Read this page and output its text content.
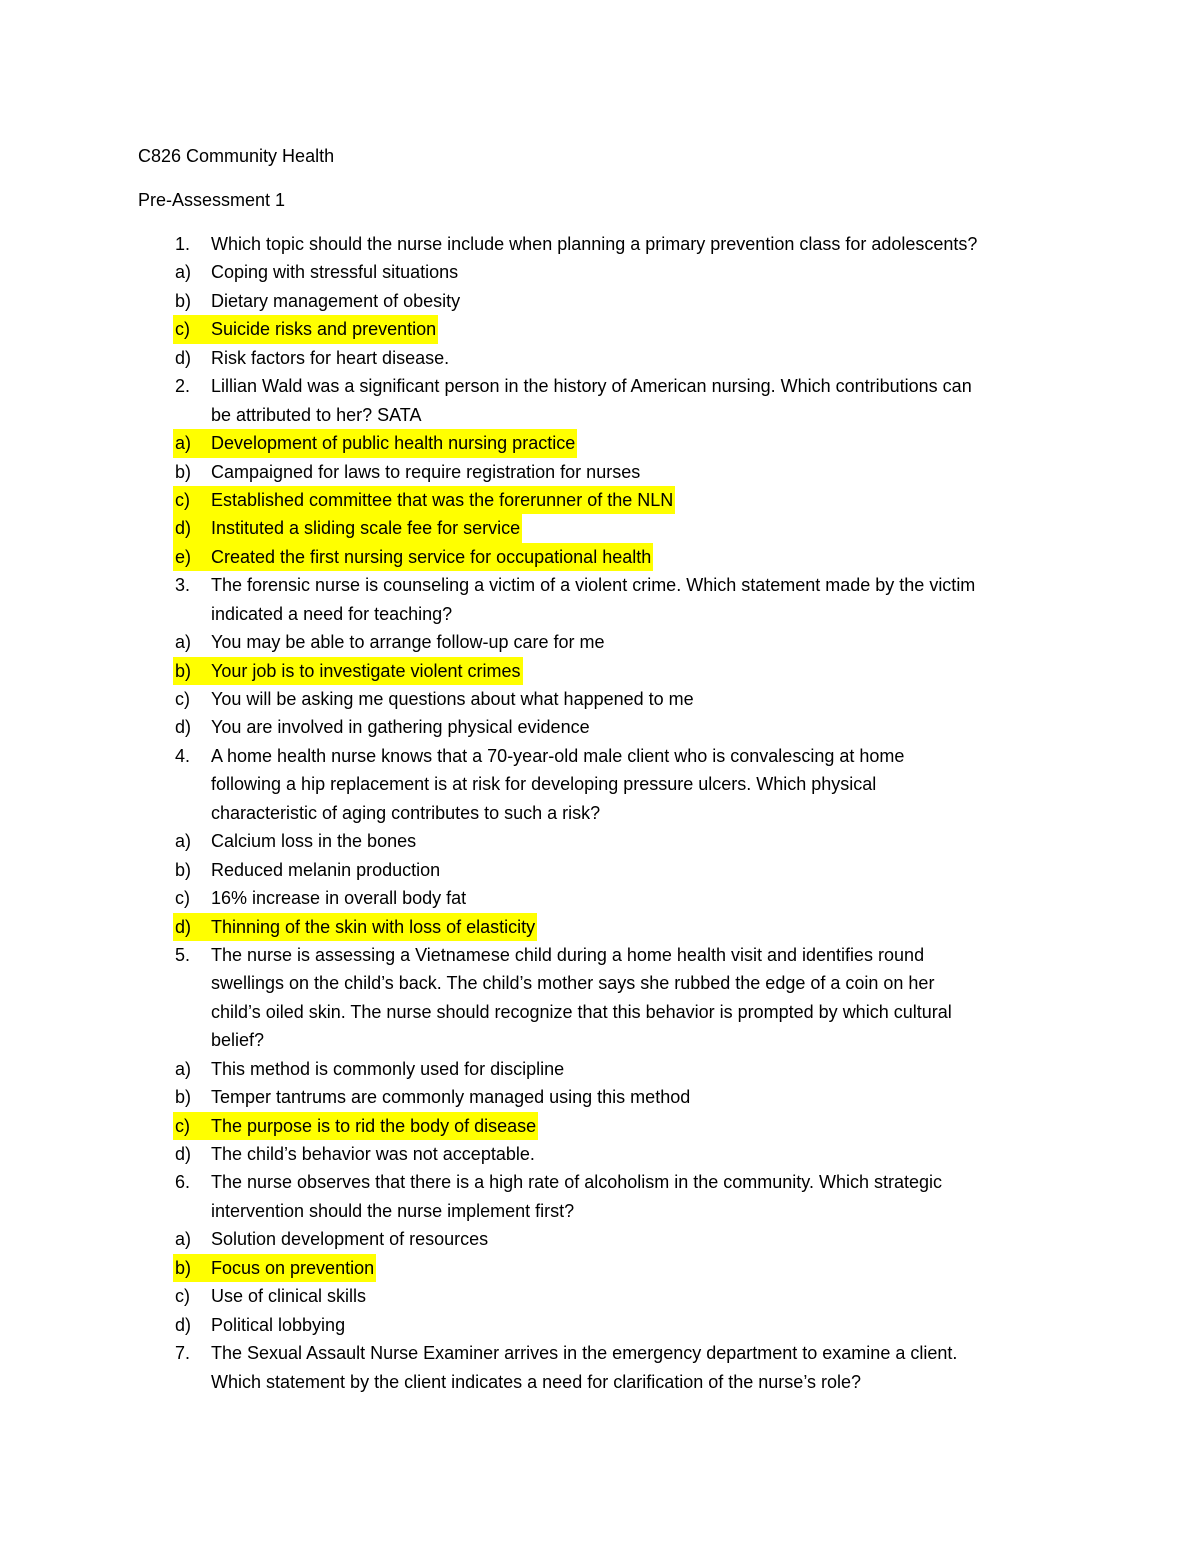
C826 Community Health
Pre-Assessment 1
1. Which topic should the nurse include when planning a primary prevention class for adolescents?
a) Coping with stressful situations
b) Dietary management of obesity
c)	Suicide risks and prevention
d) Risk factors for heart disease.
2. Lillian Wald was a significant person in the history of American nursing. Which contributions can
be attributed to her? SATA
a)	Development of public health nursing practice
b) Campaigned for laws to require registration for nurses
c)	Established committee that was the forerunner of the NLN
d)	Instituted a sliding scale fee for service
e)	Created the first nursing service for occupational health
3. The forensic nurse is counseling a victim of a violent crime. Which statement made by the victim
indicated a need for teaching?
a) You may be able to arrange follow-up care for me
b)	Your job is to investigate violent crimes
c) You will be asking me questions about what happened to me
d) You are involved in gathering physical evidence
4. A home health nurse knows that a 70-year-old male client who is convalescing at home
following a hip replacement is at risk for developing pressure ulcers. Which physical
characteristic of aging contributes to such a risk?
a) Calcium loss in the bones
b) Reduced melanin production
c) 16% increase in overall body fat
d)	Thinning of the skin with loss of elasticity
5. The nurse is assessing a Vietnamese child during a home health visit and identifies round
swellings on the child’s back. The child’s mother says she rubbed the edge of a coin on her
child’s oiled skin. The nurse should recognize that this behavior is prompted by which cultural
belief?
a) This method is commonly used for discipline
b) Temper tantrums are commonly managed using this method
c)	The purpose is to rid the body of disease
d) The child’s behavior was not acceptable.
6. The nurse observes that there is a high rate of alcoholism in the community. Which strategic
intervention should the nurse implement first?
a) Solution development of resources
b)	Focus on prevention
c) Use of clinical skills
d) Political lobbying
7. The Sexual Assault Nurse Examiner arrives in the emergency department to examine a client.
Which statement by the client indicates a need for clarification of the nurse’s role?
